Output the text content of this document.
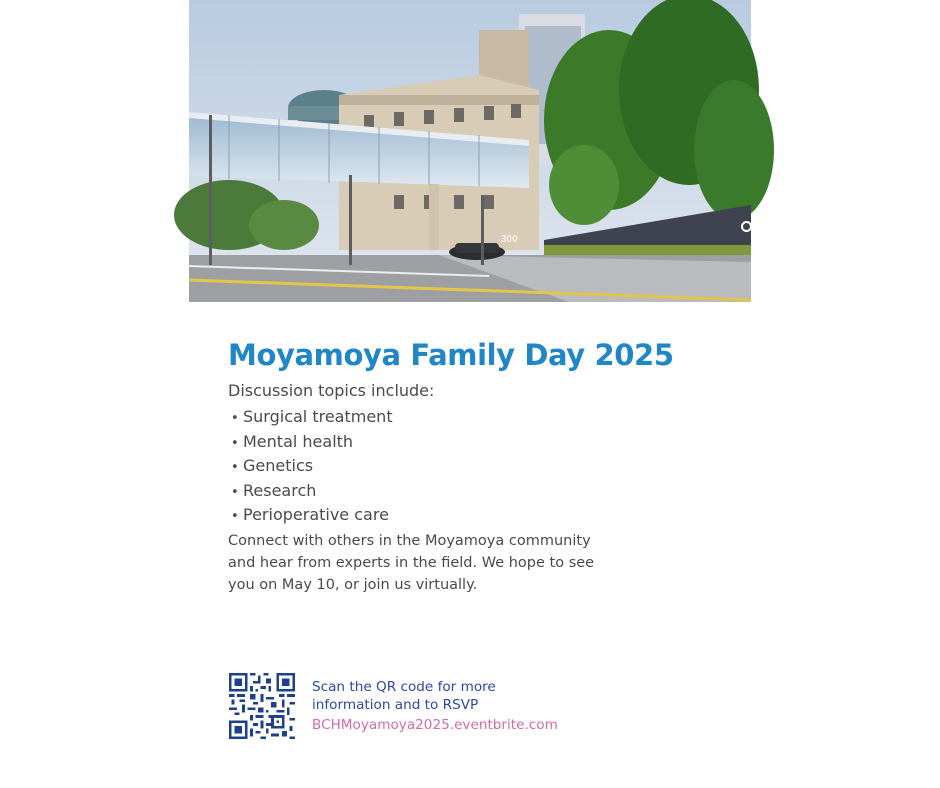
Boston Children's Hospital
300
Moyamoya Family Day 2025
Discussion topics include:
• Surgical treatment
• Mental health
• Genetics
• Research
• Perioperative care

Connect with others in the Moyamoya community and hear from experts in the field. We hope to see you on May 10, or join us virtually.

Scan the QR code for more information and to RSVP
BCHMoyamoya2025.eventbrite.com
